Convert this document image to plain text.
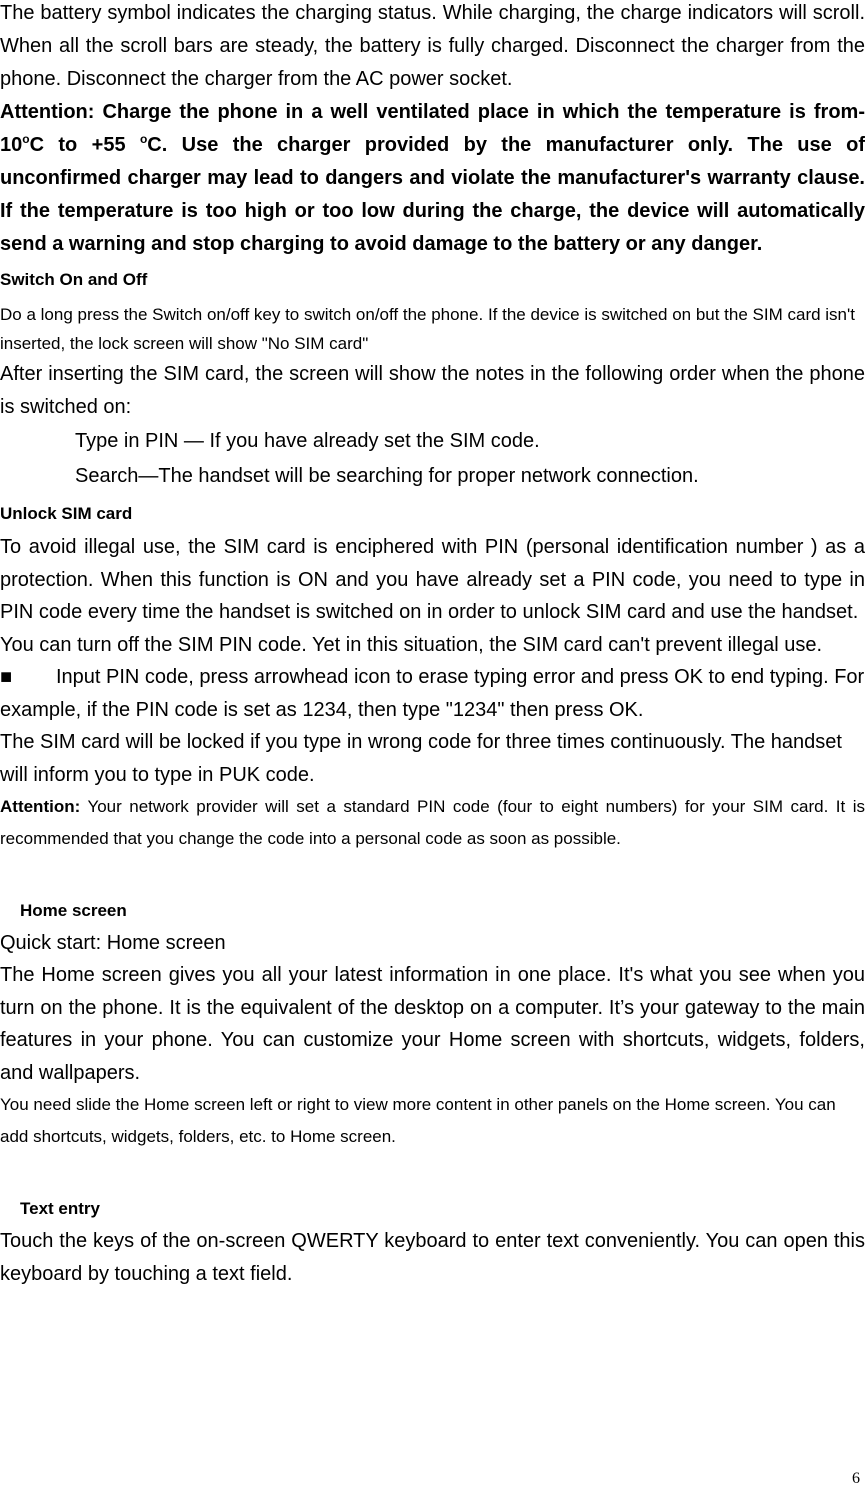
The battery symbol indicates the charging status. While charging, the charge indicators will scroll. When all the scroll bars are steady, the battery is fully charged. Disconnect the charger from the phone. Disconnect the charger from the AC power socket.

Attention: Charge the phone in a well ventilated place in which the temperature is from-10$^o$C to +55 $^o$C. Use the charger provided by the manufacturer only. The use of unconfirmed charger may lead to dangers and violate the manufacturer's warranty clause. If the temperature is too high or too low during the charge, the device will automatically send a warning and stop charging to avoid damage to the battery or any danger.

Switch On and Off

Do a long press the Switch on/off key to switch on/off the phone. If the device is switched on but the SIM card isn't inserted, the lock screen will show "No SIM card"

After inserting the SIM card, the screen will show the notes in the following order when the phone is switched on:

Type in PIN — If you have already set the SIM code.

Search—The handset will be searching for proper network connection.

Unlock SIM card

To avoid illegal use, the SIM card is enciphered with PIN (personal identification number ) as a protection. When this function is ON and you have already set a PIN code, you need to type in PIN code every time the handset is switched on in order to unlock SIM card and use the handset.

You can turn off the SIM PIN code. Yet in this situation, the SIM card can't prevent illegal use.

■ Input PIN code, press arrowhead icon to erase typing error and press OK to end typing. For example, if the PIN code is set as 1234, then type "1234" then press OK.

The SIM card will be locked if you type in wrong code for three times continuously. The handset will inform you to type in PUK code.

Attention: Your network provider will set a standard PIN code (four to eight numbers) for your SIM card. It is recommended that you change the code into a personal code as soon as possible.

Home screen

Quick start: Home screen

The Home screen gives you all your latest information in one place. It's what you see when you turn on the phone. It is the equivalent of the desktop on a computer. It’s your gateway to the main features in your phone. You can customize your Home screen with shortcuts, widgets, folders, and wallpapers.

You need slide the Home screen left or right to view more content in other panels on the Home screen. You can add shortcuts, widgets, folders, etc. to Home screen.

Text entry

Touch the keys of the on-screen QWERTY keyboard to enter text conveniently. You can open this keyboard by touching a text field.

6
